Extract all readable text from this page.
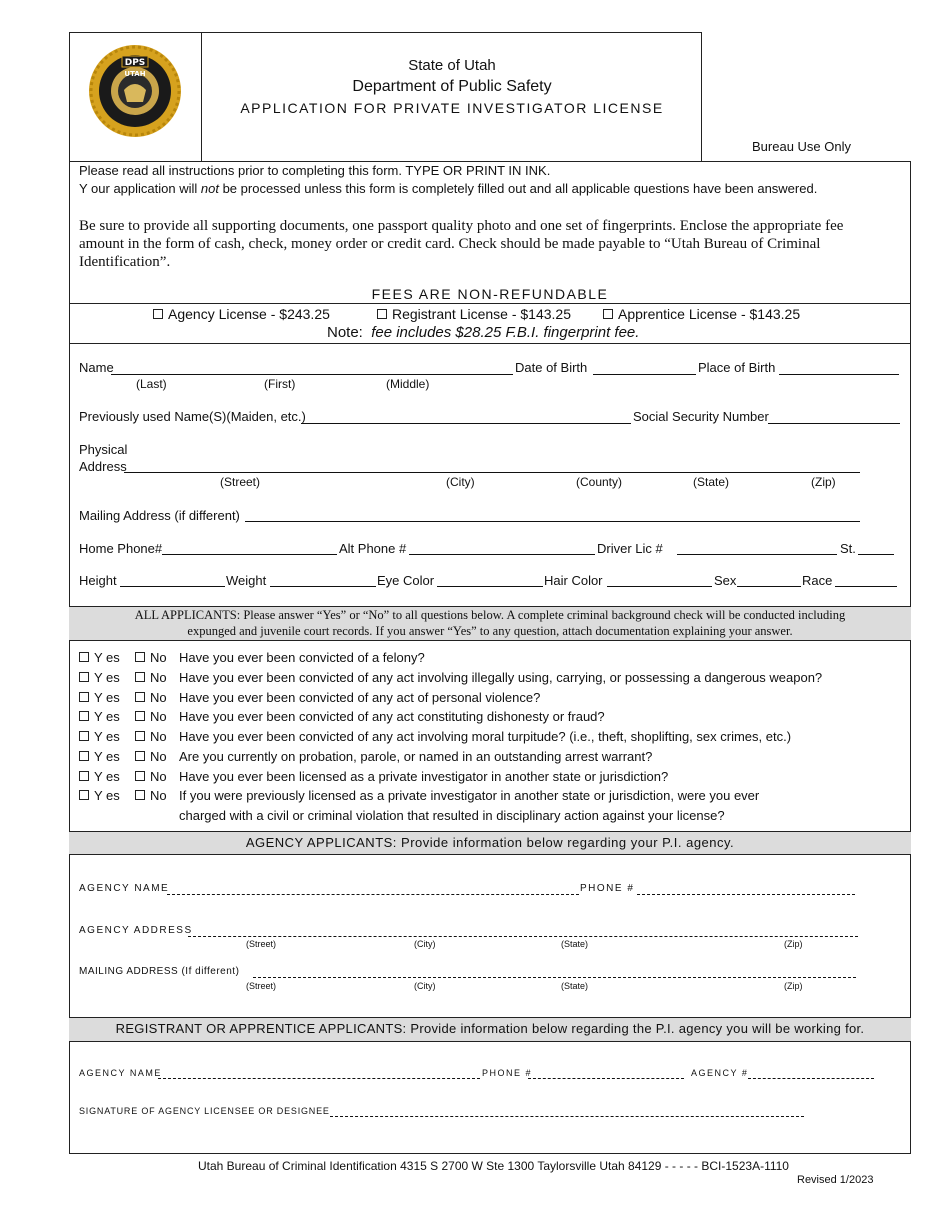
DPS
UTAH	State of Utah
Department of Public Safety
APPLICATION FOR PRIVATE INVESTIGATOR LICENSE
Bureau Use Only
Please read all instructions prior to completing this form. TYPE OR PRINT IN INK.
Y our application will not be processed unless this form is completely filled out and all applicable questions have been answered.
Be sure to provide all supporting documents, one passport quality photo and one set of fingerprints. Enclose the appropriate fee
amount in the form of cash, check, money order or credit card. Check should be made payable to “Utah Bureau of Criminal
Identification”.
FEES ARE NON-REFUNDABLE
Agency License - $243.25	Registrant License - $143.25	Apprentice License - $143.25
Note: fee includes $28.25 F.B.I. fingerprint fee.
Name	Date of Birth	Place of Birth
(Last)	(First)	(Middle)
Previously used Name(S)(Maiden, etc.)	Social Security Number
Physical
Address
(Street)	(City)	(County)	(State)	(Zip)
Mailing Address (if different)
Home Phone#	Alt Phone #	Driver Lic #	St.
Height	Weight	Eye Color	Hair Color	Sex	Race
ALL APPLICANTS: Please answer “Yes” or “No” to all questions below. A complete criminal background check will be conducted including
expunged and juvenile court records. If you answer “Yes” to any question, attach documentation explaining your answer.
Y es	No Have you ever been convicted of a felony?
Y es	No Have you ever been convicted of any act involving illegally using, carrying, or possessing a dangerous weapon?
Y es	No Have you ever been convicted of any act of personal violence?
Y es	No Have you ever been convicted of any act constituting dishonesty or fraud?
Y es	No Have you ever been convicted of any act involving moral turpitude? (i.e., theft, shoplifting, sex crimes, etc.)
Y es	No Are you currently on probation, parole, or named in an outstanding arrest warrant?
Y es	No Have you ever been licensed as a private investigator in another state or jurisdiction?
Y es	No If you were previously licensed as a private investigator in another state or jurisdiction, were you ever
charged with a civil or criminal violation that resulted in disciplinary action against your license?
AGENCY APPLICANTS: Provide information below regarding your P.I. agency.
AGENCY NAME	PHONE #
AGENCY ADDRESS
(Street)	(City)	(State)	(Zip)
MAILING ADDRESS (If different)
(Street)	(City)	(State)	(Zip)
REGISTRANT OR APPRENTICE APPLICANTS: Provide information below regarding the P.I. agency you will be working for.
AGENCY NAME	PHONE #	AGENCY #
SIGNATURE OF AGENCY LICENSEE OR DESIGNEE
Utah Bureau of Criminal Identification 4315 S 2700 W Ste 1300 Taylorsville Utah 84129 - - - - - BCI-1523A-1110
Revised 1/2023
